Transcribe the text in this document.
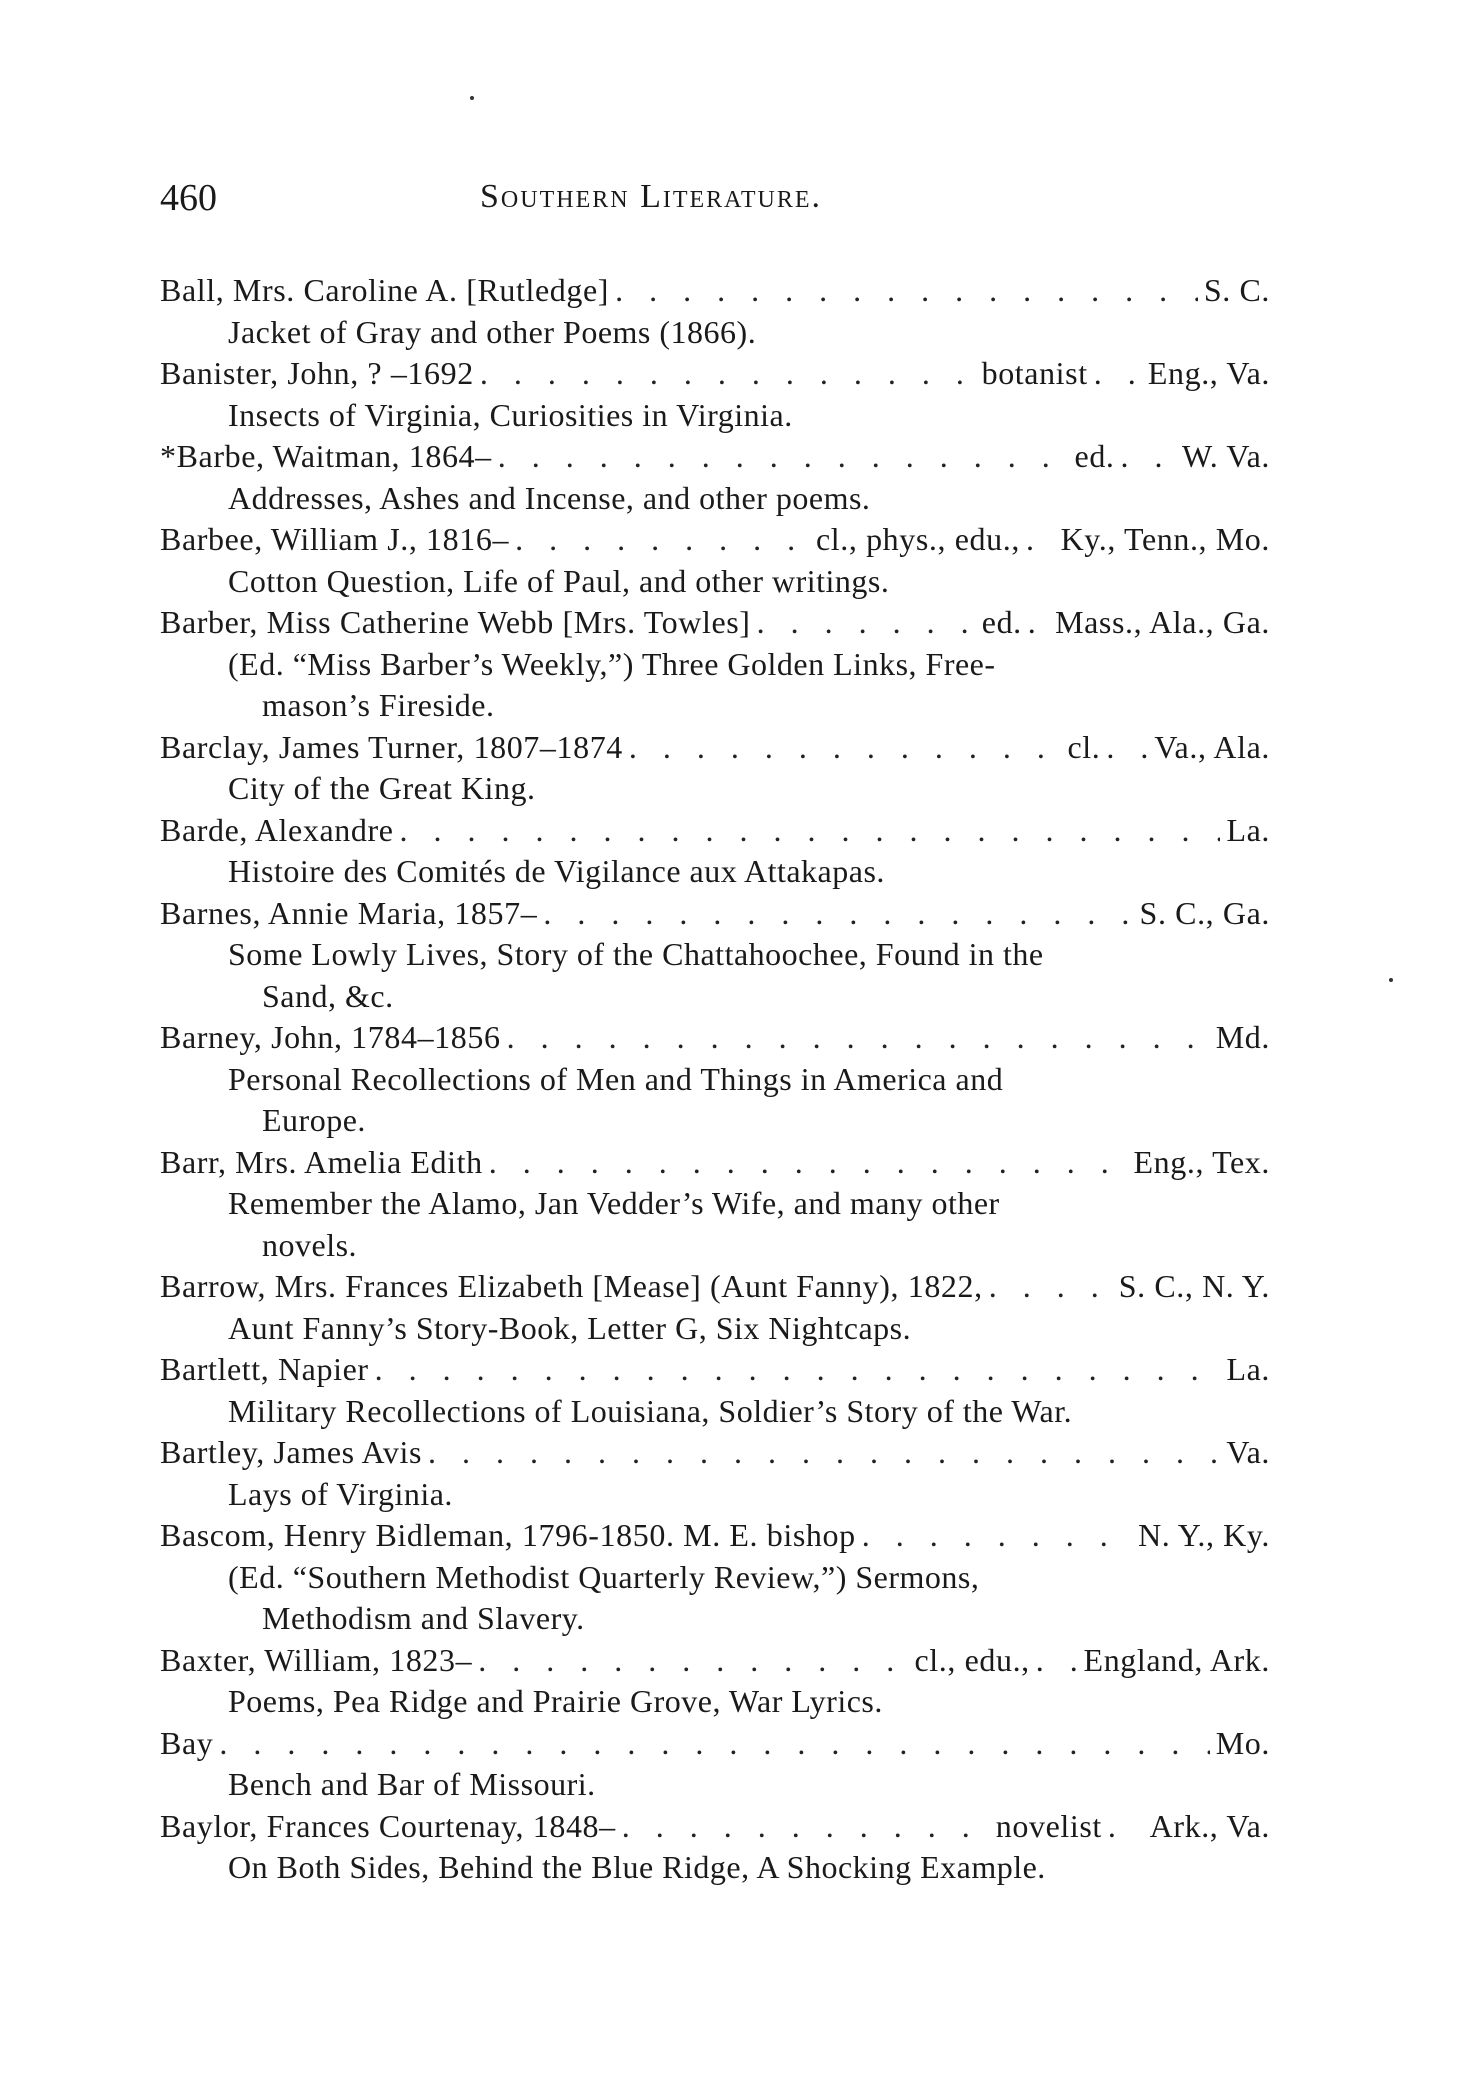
460	Southern Literature.
Ball, Mrs. Caroline A. [Rutledge] . . .	S. C.
Jacket of Gray and other Poems (1866).
Banister, John, ? –1692 . . .	botanist . . . Eng., Va.
Insects of Virginia, Curiosities in Virginia.
*Barbe, Waitman, 1864– . . .	ed. . . . W. Va.
Addresses, Ashes and Incense, and other poems.
Barbee, William J., 1816– . . .	cl., phys., edu., . . . Ky., Tenn., Mo.
Cotton Question, Life of Paul, and other writings.
Barber, Miss Catherine Webb [Mrs. Towles] . . .	ed. . . . Mass., Ala., Ga.
(Ed. “Miss Barber’s Weekly,”) Three Golden Links, Free-
mason’s Fireside.
Barclay, James Turner, 1807–1874 . . .	cl. . . . Va., Ala.
City of the Great King.
Barde, Alexandre . . .	La.
Histoire des Comités de Vigilance aux Attakapas.
Barnes, Annie Maria, 1857– . . .	S. C., Ga.
Some Lowly Lives, Story of the Chattahoochee, Found in the
Sand, &c.
Barney, John, 1784–1856 . . .	Md.
Personal Recollections of Men and Things in America and
Europe.
Barr, Mrs. Amelia Edith . . .	Eng., Tex.
Remember the Alamo, Jan Vedder’s Wife, and many other
novels.
Barrow, Mrs. Frances Elizabeth [Mease] (Aunt Fanny), 1822, . . .	S. C., N. Y.
Aunt Fanny’s Story-Book, Letter G, Six Nightcaps.
Bartlett, Napier . . .	La.
Military Recollections of Louisiana, Soldier’s Story of the War.
Bartley, James Avis . . .	Va.
Lays of Virginia.
Bascom, Henry Bidleman, 1796-1850. M. E. bishop . . .	N. Y., Ky.
(Ed. “Southern Methodist Quarterly Review,”) Sermons,
Methodism and Slavery.
Baxter, William, 1823– . . .	cl., edu., . . . England, Ark.
Poems, Pea Ridge and Prairie Grove, War Lyrics.
Bay . . .	Mo.
Bench and Bar of Missouri.
Baylor, Frances Courtenay, 1848– . . .	novelist . . . Ark., Va.
On Both Sides, Behind the Blue Ridge, A Shocking Example.
